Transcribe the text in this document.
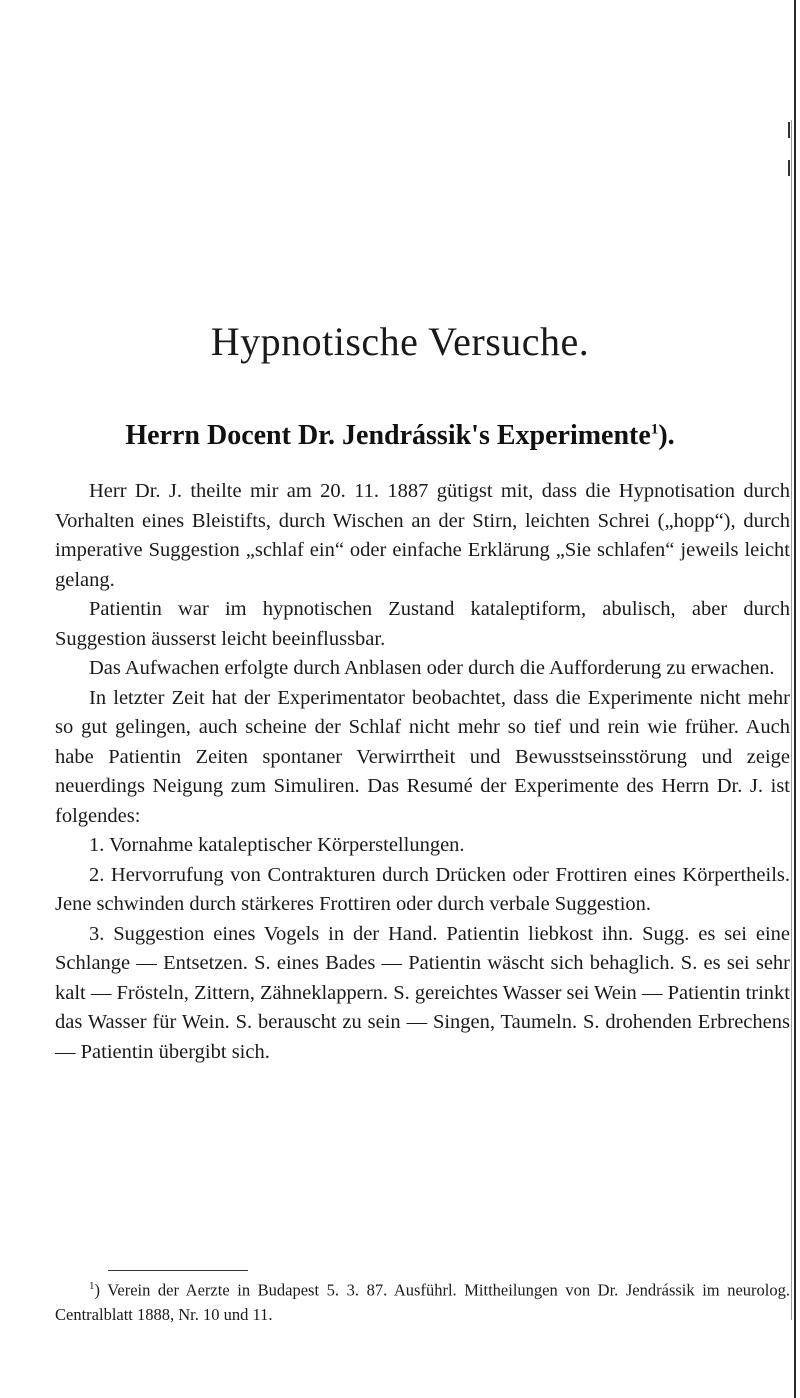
Hypnotische Versuche.
Herrn Docent Dr. Jendrássik's Experimente$^1$).

Herr Dr. J. theilte mir am 20. 11. 1887 gütigst mit, dass die Hypnotisation durch Vorhalten eines Bleistifts, durch Wischen an der Stirn, leichten Schrei („hopp“), durch imperative Suggestion „schlaf ein“ oder einfache Erklärung „Sie schlafen“ jeweils leicht gelang.

Patientin war im hypnotischen Zustand kataleptiform, abulisch, aber durch Suggestion äusserst leicht beeinflussbar.

Das Aufwachen erfolgte durch Anblasen oder durch die Aufforderung zu erwachen.

In letzter Zeit hat der Experimentator beobachtet, dass die Experimente nicht mehr so gut gelingen, auch scheine der Schlaf nicht mehr so tief und rein wie früher. Auch habe Patientin Zeiten spontaner Verwirrtheit und Bewusstseinsstörung und zeige neuerdings Neigung zum Simuliren. Das Resumé der Experimente des Herrn Dr. J. ist folgendes:

1. Vornahme kataleptischer Körperstellungen.

2. Hervorrufung von Contrakturen durch Drücken oder Frottiren eines Körpertheils. Jene schwinden durch stärkeres Frottiren oder durch verbale Suggestion.

3. Suggestion eines Vogels in der Hand. Patientin liebkost ihn. Sugg. es sei eine Schlange — Entsetzen. S. eines Bades — Patientin wäscht sich behaglich. S. es sei sehr kalt — Frösteln, Zittern, Zähneklappern. S. gereichtes Wasser sei Wein — Patientin trinkt das Wasser für Wein. S. berauscht zu sein — Singen, Taumeln. S. drohenden Erbrechens — Patientin übergibt sich.

$^1$) Verein der Aerzte in Budapest 5. 3. 87. Ausführl. Mittheilungen von Dr. Jendrássik im neurolog. Centralblatt 1888, Nr. 10 und 11.
